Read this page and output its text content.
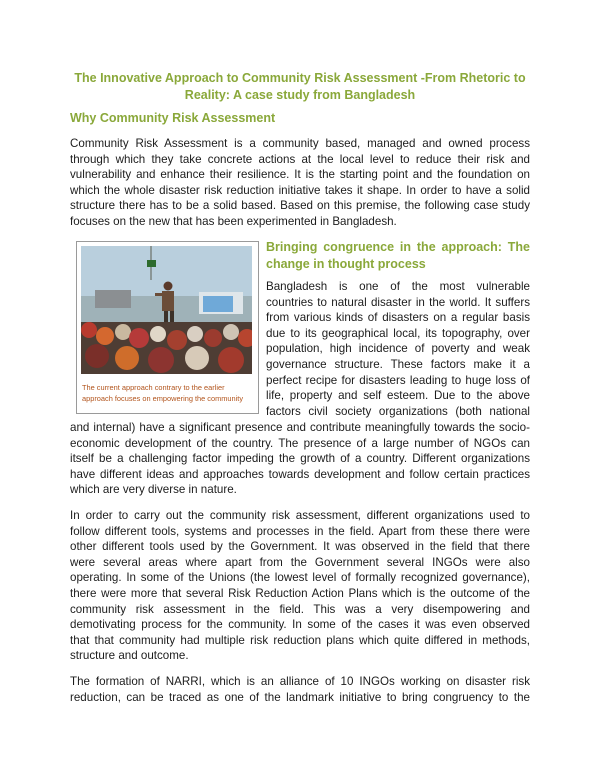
The Innovative Approach to Community Risk Assessment -From Rhetoric to
Reality: A case study from Bangladesh
Why Community Risk Assessment
Community Risk Assessment is a community based, managed and owned process
through which they take concrete actions at the local level to reduce their risk and
vulnerability and enhance their resilience. It is the starting point and the foundation on
which the whole disaster risk reduction initiative takes it shape. In order to have a solid
structure there has to be a solid based. Based on this premise, the following case study
focuses on the new that has been experimented in Bangladesh.
The current approach contrary to the earlier
approach focuses on empowering the community
Bringing congruence in the approach: The
change in thought process
Bangladesh is one of the most vulnerable
countries to natural disaster in the world. It suffers
from various kinds of disasters on a regular basis
due to its geographical local, its topography, over
population, high incidence of poverty and weak
governance structure. These factors make it a
perfect recipe for disasters leading to huge loss of
life, property and self esteem. Due to the above
factors civil society organizations (both national
and internal) have a significant presence and contribute meaningfully towards the socio-
economic development of the country. The presence of a large number of NGOs can
itself be a challenging factor impeding the growth of a country. Different organizations
have different ideas and approaches towards development and follow certain practices
which are very diverse in nature.
In order to carry out the community risk assessment, different organizations used to
follow different tools, systems and processes in the field. Apart from these there were
other different tools used by the Government. It was observed in the field that there
were several areas where apart from the Government several INGOs were also
operating. In some of the Unions (the lowest level of formally recognized governance),
there were more that several Risk Reduction Action Plans which is the outcome of the
community risk assessment in the field. This was a very disempowering and
demotivating process for the community. In some of the cases it was even observed
that that community had multiple risk reduction plans which quite differed in methods,
structure and outcome.
The formation of NARRI, which is an alliance of 10 INGOs working on disaster risk
reduction, can be traced as one of the landmark initiative to bring congruency to the
